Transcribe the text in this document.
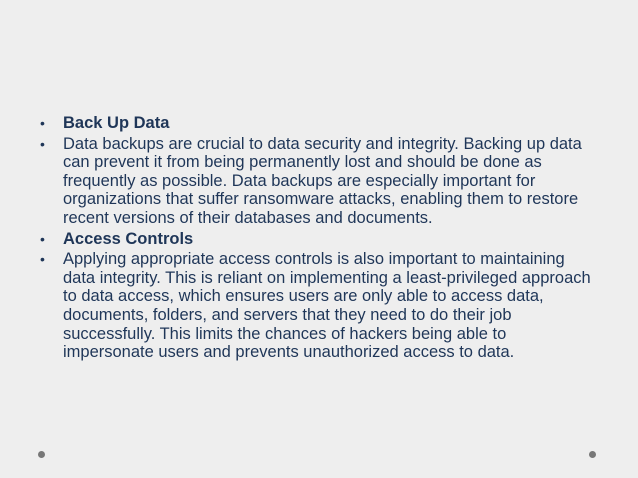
•	Back Up Data
•	Data backups are crucial to data security and integrity. Backing up data can prevent it from being permanently lost and should be done as frequently as possible. Data backups are especially important for organizations that suffer ransomware attacks, enabling them to restore recent versions of their databases and documents.
•	Access Controls
•	Applying appropriate access controls is also important to maintaining data integrity. This is reliant on implementing a least-privileged approach to data access, which ensures users are only able to access data, documents, folders, and servers that they need to do their job successfully. This limits the chances of hackers being able to impersonate users and prevents unauthorized access to data.
